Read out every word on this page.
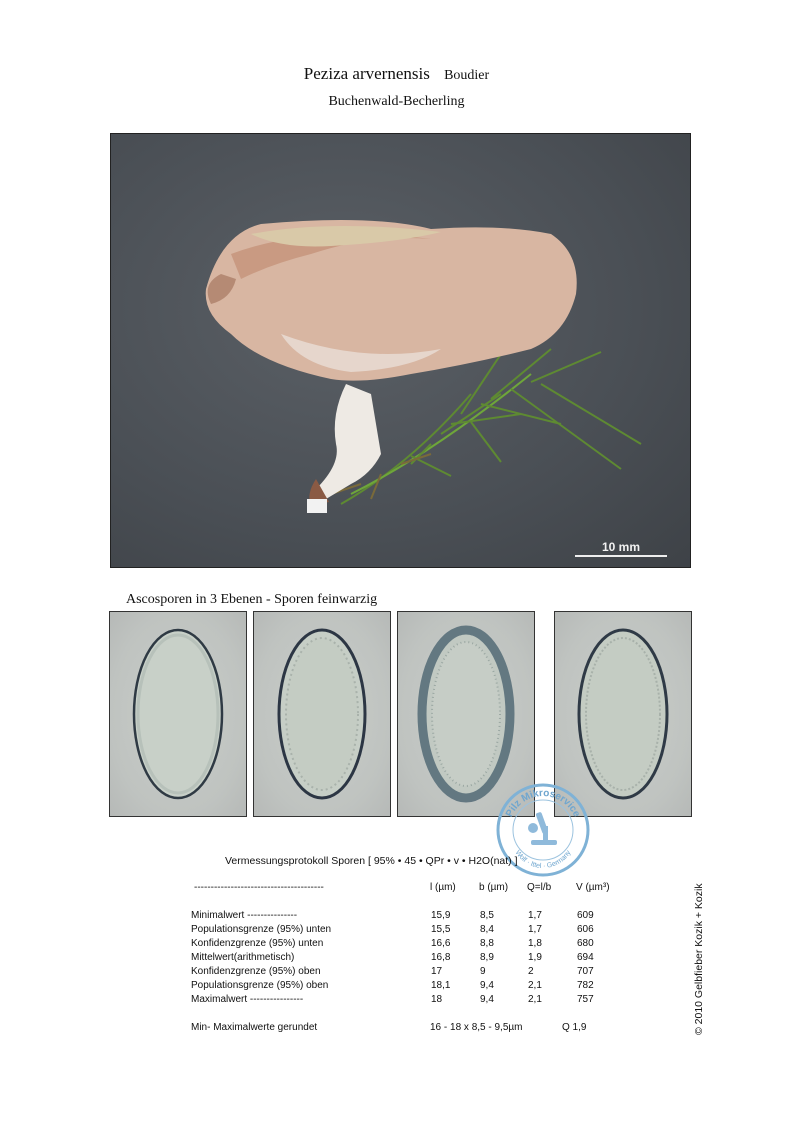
Peziza arvernensis Boudier
Buchenwald-Becherling
10 mm
Ascosporen in 3 Ebenen - Sporen feinwarzig
Pilz Mikroservice
Wolf · Ittel · Germany
Vermessungsprotokoll Sporen [ 95% • 45 • QPr • v • H2O(nat) ]
---------------------------------------	l (µm) b (µm) Q=l/b V (µm³)
Minimalwert ---------------	15,9	8,5	1,7	609
Populationsgrenze (95%) unten	15,5	8,4	1,7	606
Konfidenzgrenze (95%) unten	16,6	8,8	1,8	680
Mittelwert(arithmetisch)	16,8	8,9	1,9	694
Konfidenzgrenze (95%) oben	17	9	2	707
Populationsgrenze (95%) oben	18,1	9,4	2,1	782
Maximalwert ----------------	18	9,4	2,1	757
Min- Maximalwerte gerundet	16 - 18 x 8,5 - 9,5µm	Q 1,9	© 2010 Gelbfieber Kozik + Kozik
